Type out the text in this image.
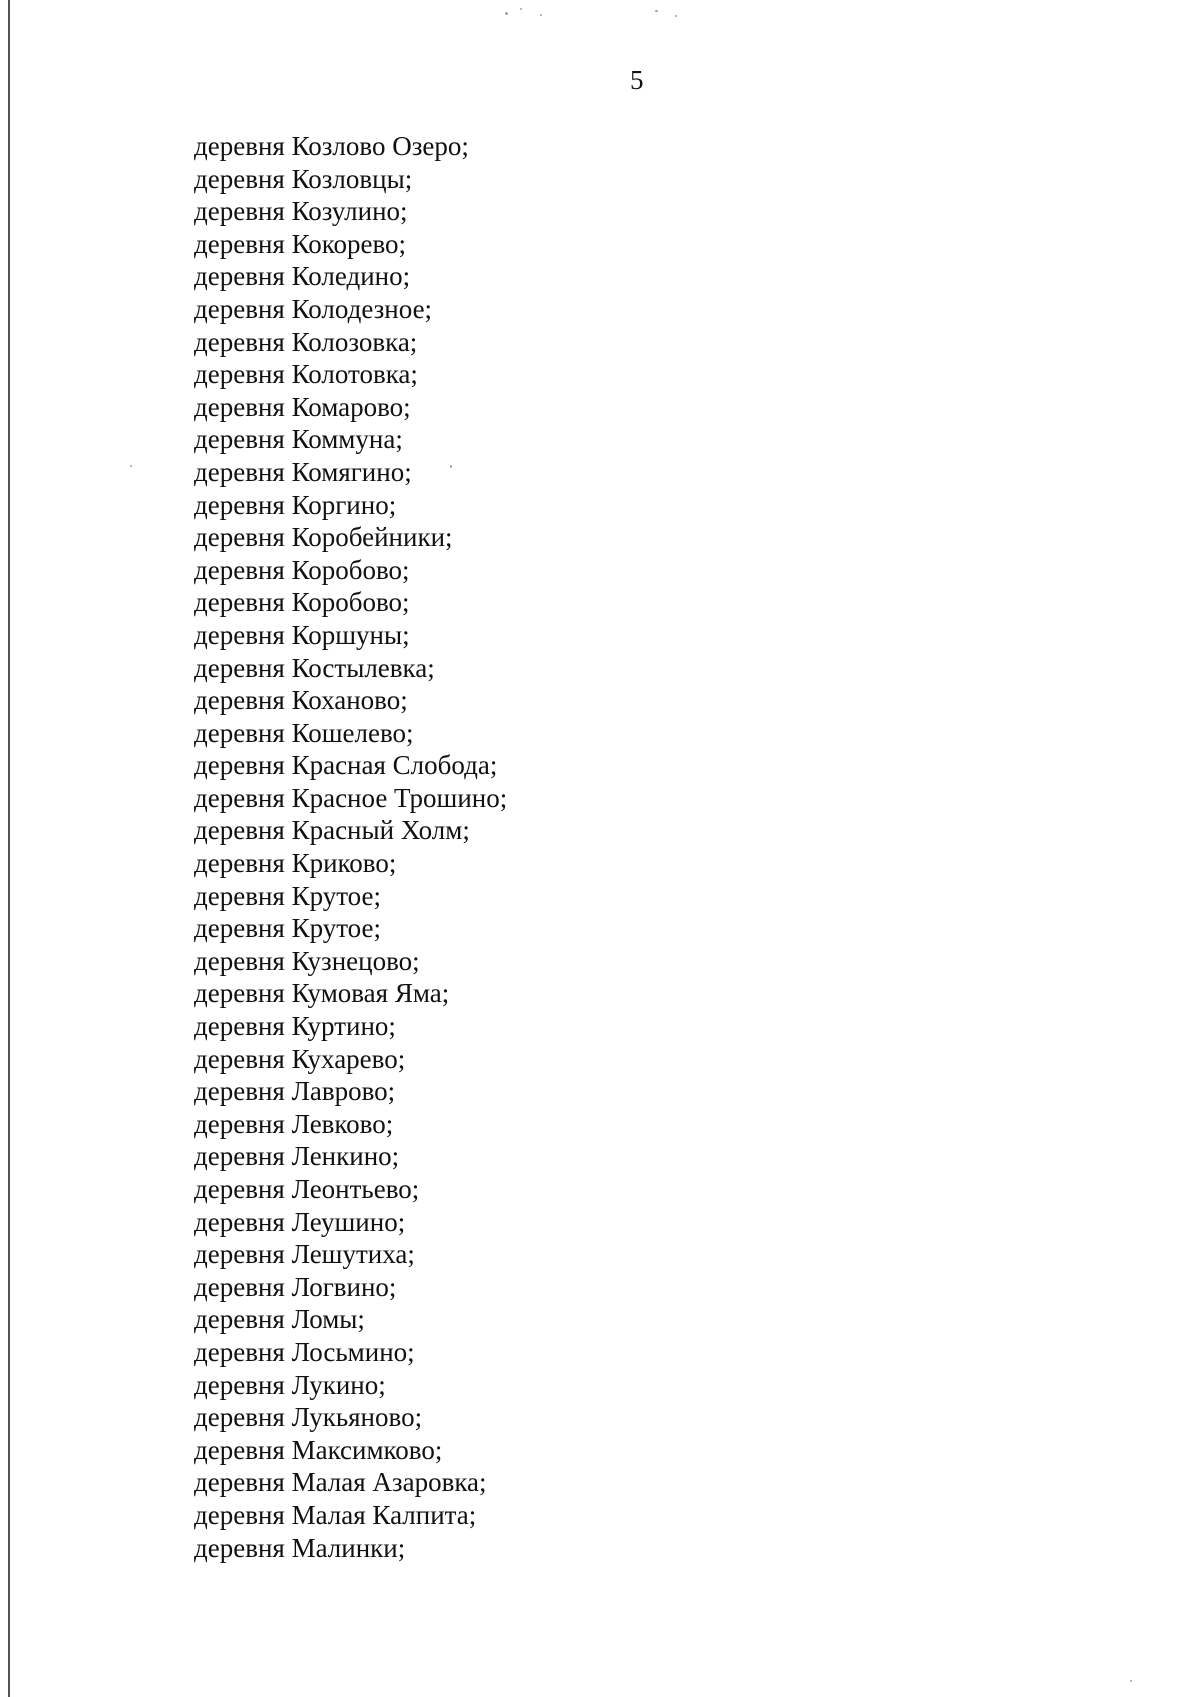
5
деревня Козлово Озеро;
деревня Козловцы;
деревня Козулино;
деревня Кокорево;
деревня Коледино;
деревня Колодезное;
деревня Колозовка;
деревня Колотовка;
деревня Комарово;
деревня Коммуна;
деревня Комягино;
деревня Коргино;
деревня Коробейники;
деревня Коробово;
деревня Коробово;
деревня Коршуны;
деревня Костылевка;
деревня Коханово;
деревня Кошелево;
деревня Красная Слобода;
деревня Красное Трошино;
деревня Красный Холм;
деревня Криково;
деревня Крутое;
деревня Крутое;
деревня Кузнецово;
деревня Кумовая Яма;
деревня Куртино;
деревня Кухарево;
деревня Лаврово;
деревня Левково;
деревня Ленкино;
деревня Леонтьево;
деревня Леушино;
деревня Лешутиха;
деревня Логвино;
деревня Ломы;
деревня Лосьмино;
деревня Лукино;
деревня Лукьяново;
деревня Максимково;
деревня Малая Азаровка;
деревня Малая Калпита;
деревня Малинки;
